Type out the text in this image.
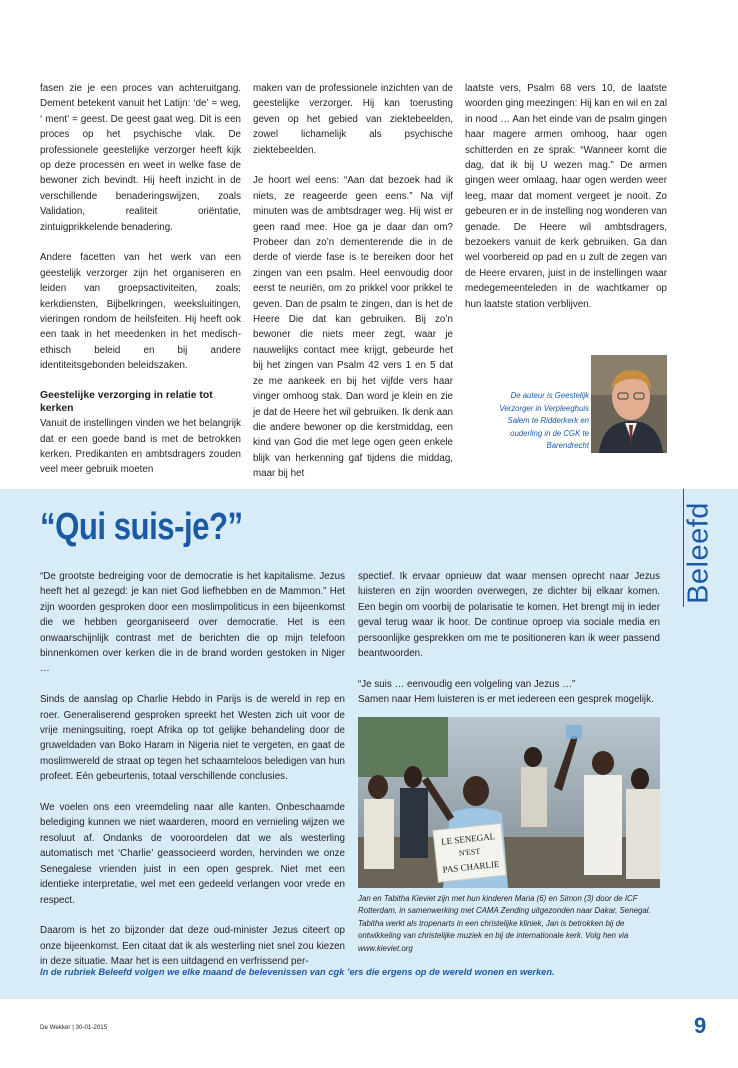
fasen zie je een proces van achteruitgang. Dement betekent vanuit het Latijn: ‘de’ = weg, ‘ ment’ = geest. De geest gaat weg. Dit is een proces op het psychische vlak. De professionele geestelijke verzorger heeft kijk op deze processen en weet in welke fase de bewoner zich bevindt. Hij heeft inzicht in de verschillende benaderingswijzen, zoals Validation, realiteit oriëntatie, zintuigprikkelende benadering.

Andere facetten van het werk van een geestelijk verzorger zijn het organiseren en leiden van groepsactiviteiten, zoals; kerkdiensten, Bijbelkringen, weeksluitingen, vieringen rondom de heilsfeiten. Hij heeft ook een taak in het meedenken in het medisch-ethisch beleid en bij andere identiteitsgebonden beleidszaken.

Geestelijke verzorging in relatie tot kerken

Vanuit de instellingen vinden we het belangrijk dat er een goede band is met de betrokken kerken. Predikanten en ambtsdragers zouden veel meer gebruik moeten

maken van de professionele inzichten van de geestelijke verzorger. Hij kan toerusting geven op het gebied van ziektebeelden, zowel lichamelijk als psychische ziektebeelden.

Je hoort wel eens: “Aan dat bezoek had ik niets, ze reageerde geen eens.” Na vijf minuten was de ambtsdrager weg. Hij wist er geen raad mee. Hoe ga je daar dan om? Probeer dan zo’n dementerende die in de derde of vierde fase is te bereiken door het zingen van een psalm. Heel eenvoudig door eerst te neuriën, om zo prikkel voor prikkel te geven. Dan de psalm te zingen, dan is het de Heere Die dat kan gebruiken. Bij zo’n bewoner die niets meer zegt, waar je nauwelijks contact mee krijgt, gebeurde het bij het zingen van Psalm 42 vers 1 en 5 dat ze me aankeek en bij het vijfde vers haar vinger omhoog stak. Dan word je klein en zie je dat de Heere het wil gebruiken. Ik denk aan die andere bewoner op die kerstmiddag, een kind van God die met lege ogen geen enkele blijk van herkenning gaf tijdens die middag, maar bij het

laatste vers, Psalm 68 vers 10, de laatste woorden ging meezingen: Hij kan en wil en zal in nood … Aan het einde van de psalm gingen haar magere armen omhoog, haar ogen schitterden en ze sprak: “Wanneer komt die dag, dat ik bij U wezen mag.” De armen gingen weer omlaag, haar ogen werden weer leeg, maar dat moment vergeet je nooit. Zo gebeuren er in de instelling nog wonderen van genade. De Heere wil ambtsdragers, bezoekers vanuit de kerk gebruiken. Ga dan wel voorbereid op pad en u zult de zegen van de Heere ervaren, juist in de instellingen waar medegemeenteleden in de wachtkamer op hun laatste station verblijven.

De auteur is Geestelijk Verzorger in Verpleeghuis Salem te Ridderkerk en ouderling in de CGK te Barendrecht
Beleefd
“Qui suis-je?”

“De grootste bedreiging voor de democratie is het kapitalisme. Jezus heeft het al gezegd: je kan niet God liefhebben en de Mammon.” Het zijn woorden gesproken door een moslimpoliticus in een bijeenkomst die we hebben georganiseerd over democratie. Het is een onwaarschijnlijk contrast met de berichten die op mijn telefoon binnenkomen over kerken die in de brand worden gestoken in Niger …

Sinds de aanslag op Charlie Hebdo in Parijs is de wereld in rep en roer. Generaliserend gesproken spreekt het Westen zich uit voor de vrije meningsuiting, roept Afrika op tot gelijke behandeling door de gruweldaden van Boko Haram in Nigeria niet te vergeten, en gaat de moslimwereld de straat op tegen het schaamteloos beledigen van hun profeet. Eén gebeurtenis, totaal verschillende conclusies.

We voelen ons een vreemdeling naar alle kanten. Onbeschaamde belediging kunnen we niet waarderen, moord en vernieling wijzen we resoluut af. Ondanks de vooroordelen dat we als westerling automatisch met ‘Charlie’ geassocieerd worden, hervinden we onze Senegalese vrienden juist in een open gesprek. Niet met een identieke interpretatie, wel met een gedeeld verlangen voor vrede en respect.

Daarom is het zo bijzonder dat deze oud-minister Jezus citeert op onze bijeenkomst. Een citaat dat ik als westerling niet snel zou kiezen in deze situatie. Maar het is een uitdagend en verfrissend per-

spectief. Ik ervaar opnieuw dat waar mensen oprecht naar Jezus luisteren en zijn woorden overwegen, ze dichter bij elkaar komen. Een begin om voorbij de polarisatie te komen. Het brengt mij in ieder geval terug waar ik hoor. De continue oproep via sociale media en persoonlijke gesprekken om me te positioneren kan ik weer passend beantwoorden.

“Je suis … eenvoudig een volgeling van Jezus …”

Samen naar Hem luisteren is er met iedereen een gesprek mogelijk.

LE SENEGAL
N'EST
PAS CHARLIE
Jan en Tabitha Kieviet zijn met hun kinderen Maria (6) en Simon (3) door de ICF Rotterdam, in samenwerking met CAMA Zending uitgezonden naar Dakar, Senegal. Tabitha werkt als tropenarts in een christelijke kliniek, Jan is betrokken bij de ontwikkeling van christelijke muziek en bij de internationale kerk. Volg hen via www.kieviet.org
In de rubriek Beleefd volgen we elke maand de belevenissen van cgk ’ers die ergens op de wereld wonen en werken.
De Wekker | 30-01-2015	9
